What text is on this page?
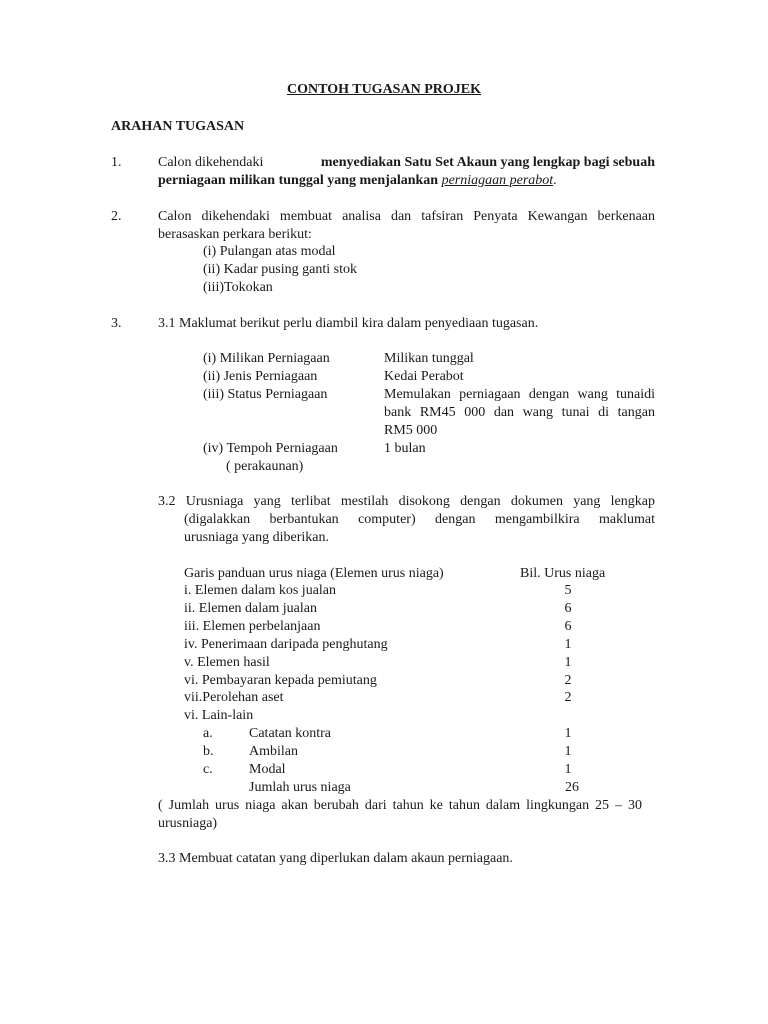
CONTOH TUGASAN PROJEK
ARAHAN TUGASAN
1.	Calon dikehendaki	menyediakan Satu Set Akaun yang lengkap bagi sebuah
perniagaan milikan tunggal yang menjalankan perniagaan perabot.
2.	Calon dikehendaki membuat analisa dan tafsiran Penyata Kewangan berkenaan
berasaskan perkara berikut:
(i) Pulangan atas modal
(ii) Kadar pusing ganti stok
(iii)Tokokan
3.	3.1 Maklumat berikut perlu diambil kira dalam penyediaan tugasan.
(i) Milikan Perniagaan	Milikan tunggal
(ii) Jenis Perniagaan	Kedai Perabot
(iii) Status Perniagaan	Memulakan perniagaan dengan wang tunaidi
bank RM45 000 dan wang tunai di tangan
RM5 000
(iv) Tempoh Perniagaan	1 bulan
( perakaunan)
3.2 Urusniaga yang terlibat mestilah disokong dengan dokumen yang lengkap
(digalakkan berbantukan computer) dengan mengambilkira maklumat
urusniaga yang diberikan.
Garis panduan urus niaga (Elemen urus niaga)	Bil. Urus niaga
i. Elemen dalam kos jualan	5
ii. Elemen dalam jualan	6
iii. Elemen perbelanjaan	6
iv. Penerimaan daripada penghutang	1
v. Elemen hasil	1
vi. Pembayaran kepada pemiutang	2
vii.Perolehan aset	2
vi. Lain-lain
a.	Catatan kontra	1
b.	Ambilan	1
c.	Modal	1
Jumlah urus niaga	26
( Jumlah urus niaga akan berubah dari tahun ke tahun dalam lingkungan 25 – 30
urusniaga)
3.3 Membuat catatan yang diperlukan dalam akaun perniagaan.
